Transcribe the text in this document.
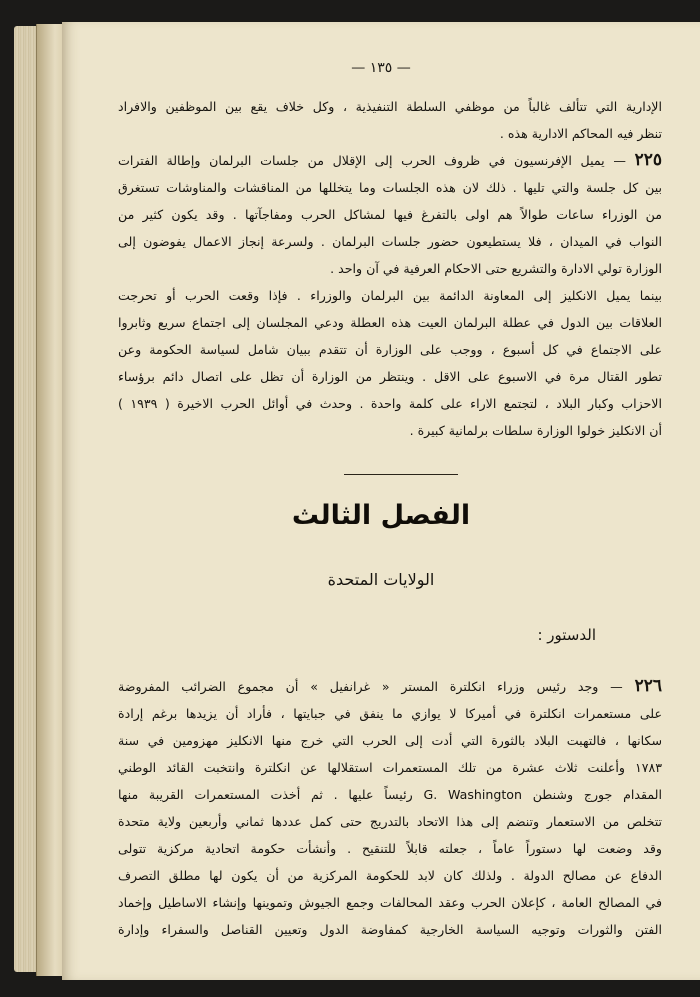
— ١٣٥ —
الإدارية التي تتألف غالباً من موظفي السلطة التنفيذية ، وكل خلاف يقع بين الموظفين والافراد
تنظر فيه المحاكم الادارية هذه .
٢٢٥ — يميل الإفرنسيون في ظروف الحرب إلى الإقلال من جلسات البرلمان وإطالة الفترات
بين كل جلسة والتي تليها . ذلك لان هذه الجلسات وما يتخللها من المناقشات والمناوشات تستغرق
من الوزراء ساعات طوالاً هم اولى بالتفرغ فيها لمشاكل الحرب ومفاجآتها . وقد يكون كثير من
النواب في الميدان ، فلا يستطيعون حضور جلسات البرلمان . ولسرعة إنجاز الاعمال يفوضون إلى
الوزارة تولي الادارة والتشريع حتى الاحكام العرفية في آن واحد .
بينما يميل الانكليز إلى المعاونة الدائمة بين البرلمان والوزراء . فإذا وقعت الحرب أو تحرجت
العلاقات بين الدول في عطلة البرلمان العيت هذه العطلة ودعي المجلسان إلى اجتماع سريع وثابروا
على الاجتماع في كل أسبوع ، ووجب على الوزارة أن تتقدم ببيان شامل لسياسة الحكومة وعن
تطور القتال مرة في الاسبوع على الاقل . وينتظر من الوزارة أن تظل على اتصال دائم برؤساء
الاحزاب وكبار البلاد ، لتجتمع الاراء على كلمة واحدة . وحدث في أوائل الحرب الاخيرة ( ١٩٣٩ )
أن الانكليز خولوا الوزارة سلطات برلمانية كبيرة .
الفصل الثالث
الولايات المتحدة
الدستور :
٢٢٦ — وجد رئيس وزراء انكلترة المستر « غرانفيل » أن مجموع الضرائب المفروضة
على مستعمرات انكلترة في أميركا لا يوازي ما ينفق في جبايتها ، فأراد أن يزيدها برغم إرادة
سكانها ، فالتهبت البلاد بالثورة التي أدت إلى الحرب التي خرج منها الانكليز مهزومين في سنة
١٧٨٣ وأعلنت ثلاث عشرة من تلك المستعمرات استقلالها عن انكلترة وانتخبت القائد الوطني
المقدام جورج وشنطن G. Washington رئيساً عليها . ثم أخذت المستعمرات القريبة منها
تتخلص من الاستعمار وتنضم إلى هذا الاتحاد بالتدريج حتى كمل عددها ثماني وأربعين ولاية متحدة
وقد وضعت لها دستوراً عاماً ، جعلته قابلاً للتنقيح . وأنشأت حكومة اتحادية مركزية تتولى
الدفاع عن مصالح الدولة . ولذلك كان لابد للحكومة المركزية من أن يكون لها مطلق التصرف
في المصالح العامة ، كإعلان الحرب وعقد المحالفات وجمع الجيوش وتموينها وإنشاء الاساطيل وإخماد
الفتن والثورات وتوجيه السياسة الخارجية كمفاوضة الدول وتعيين القناصل والسفراء وإدارة
